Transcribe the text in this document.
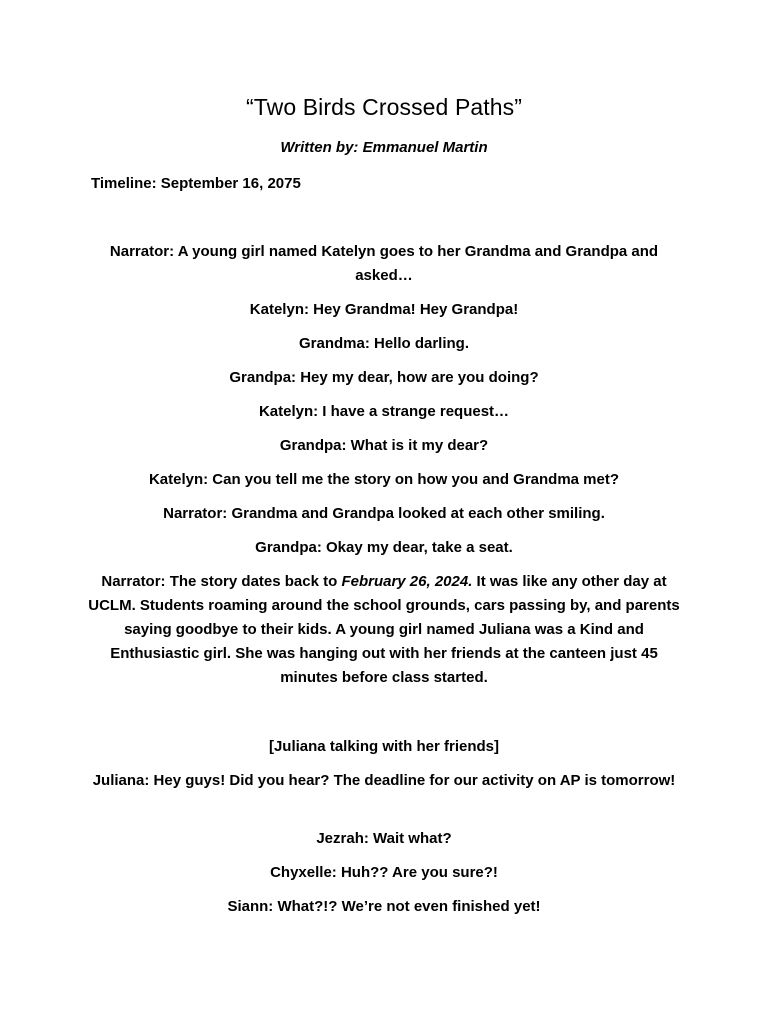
“Two Birds Crossed Paths”

Written by: Emmanuel Martin

Timeline: September 16, 2075

Narrator: A young girl named Katelyn goes to her Grandma and Grandpa and asked…

Katelyn: Hey Grandma! Hey Grandpa!

Grandma: Hello darling.

Grandpa: Hey my dear, how are you doing?

Katelyn: I have a strange request…

Grandpa: What is it my dear?

Katelyn: Can you tell me the story on how you and Grandma met?

Narrator: Grandma and Grandpa looked at each other smiling.

Grandpa: Okay my dear, take a seat.

Narrator: The story dates back to February 26, 2024. It was like any other day at UCLM. Students roaming around the school grounds, cars passing by, and parents saying goodbye to their kids. A young girl named Juliana was a Kind and Enthusiastic girl. She was hanging out with her friends at the canteen just 45 minutes before class started.

[Juliana talking with her friends]

Juliana: Hey guys! Did you hear? The deadline for our activity on AP is tomorrow!

Jezrah: Wait what?

Chyxelle: Huh?? Are you sure?!

Siann: What?!? We’re not even finished yet!
